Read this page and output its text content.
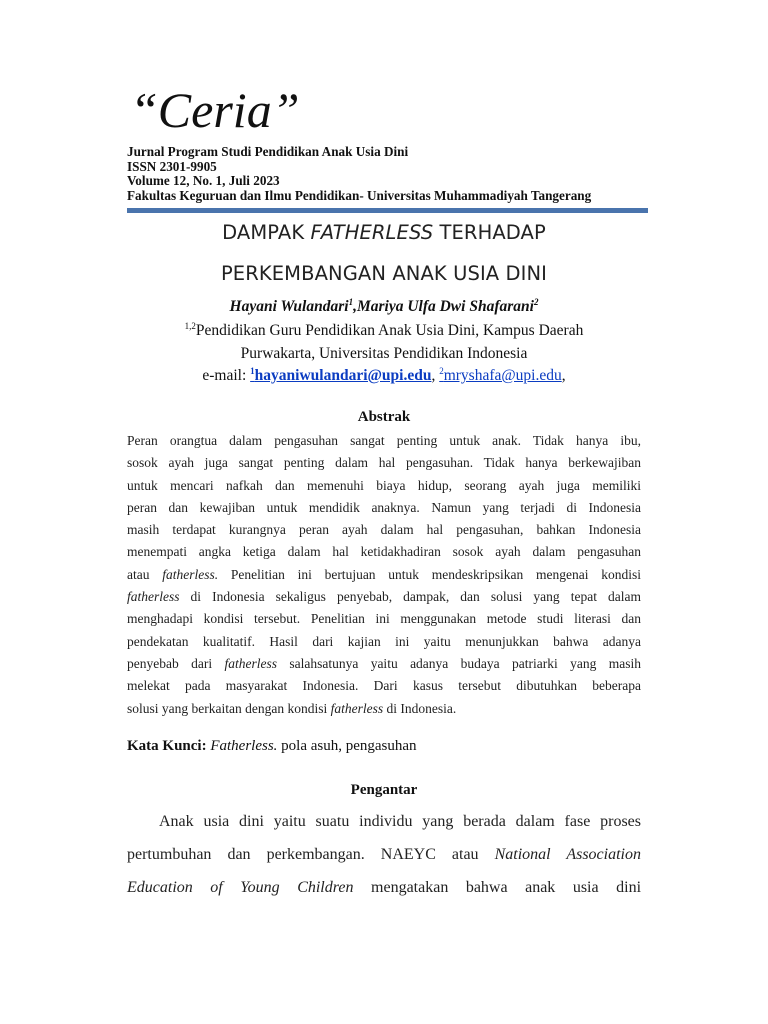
“Ceria”
Jurnal Program Studi Pendidikan Anak Usia Dini
ISSN 2301-9905
Volume 12, No. 1, Juli 2023
Fakultas Keguruan dan Ilmu Pendidikan- Universitas Muhammadiyah Tangerang
DAMPAK FATHERLESS TERHADAP
PERKEMBANGAN ANAK USIA DINI
Hayani Wulandari$^1$,Mariya Ulfa Dwi Shafarani$^2$
$^{1,2}$Pendidikan Guru Pendidikan Anak Usia Dini, Kampus Daerah
Purwakarta, Universitas Pendidikan Indonesia
e-mail: $^1$hayaniwulandari@upi.edu, $^2$mryshafa@upi.edu,
Abstrak
Peran orangtua dalam pengasuhan sangat penting untuk anak. Tidak hanya ibu,
sosok ayah juga sangat penting dalam hal pengasuhan. Tidak hanya berkewajiban
untuk mencari nafkah dan memenuhi biaya hidup, seorang ayah juga memiliki
peran dan kewajiban untuk mendidik anaknya. Namun yang terjadi di Indonesia
masih terdapat kurangnya peran ayah dalam hal pengasuhan, bahkan Indonesia
menempati angka ketiga dalam hal ketidakhadiran sosok ayah dalam pengasuhan
atau fatherless. Penelitian ini bertujuan untuk mendeskripsikan mengenai kondisi
fatherless di Indonesia sekaligus penyebab, dampak, dan solusi yang tepat dalam
menghadapi kondisi tersebut. Penelitian ini menggunakan metode studi literasi dan
pendekatan kualitatif. Hasil dari kajian ini yaitu menunjukkan bahwa adanya
penyebab dari fatherless salahsatunya yaitu adanya budaya patriarki yang masih
melekat pada masyarakat Indonesia. Dari kasus tersebut dibutuhkan beberapa
solusi yang berkaitan dengan kondisi fatherless di Indonesia.
Kata Kunci: Fatherless. pola asuh, pengasuhan
Pengantar
Anak usia dini yaitu suatu individu yang berada dalam fase proses
pertumbuhan dan perkembangan. NAEYC atau National Association
Education of Young Children mengatakan bahwa anak usia dini
